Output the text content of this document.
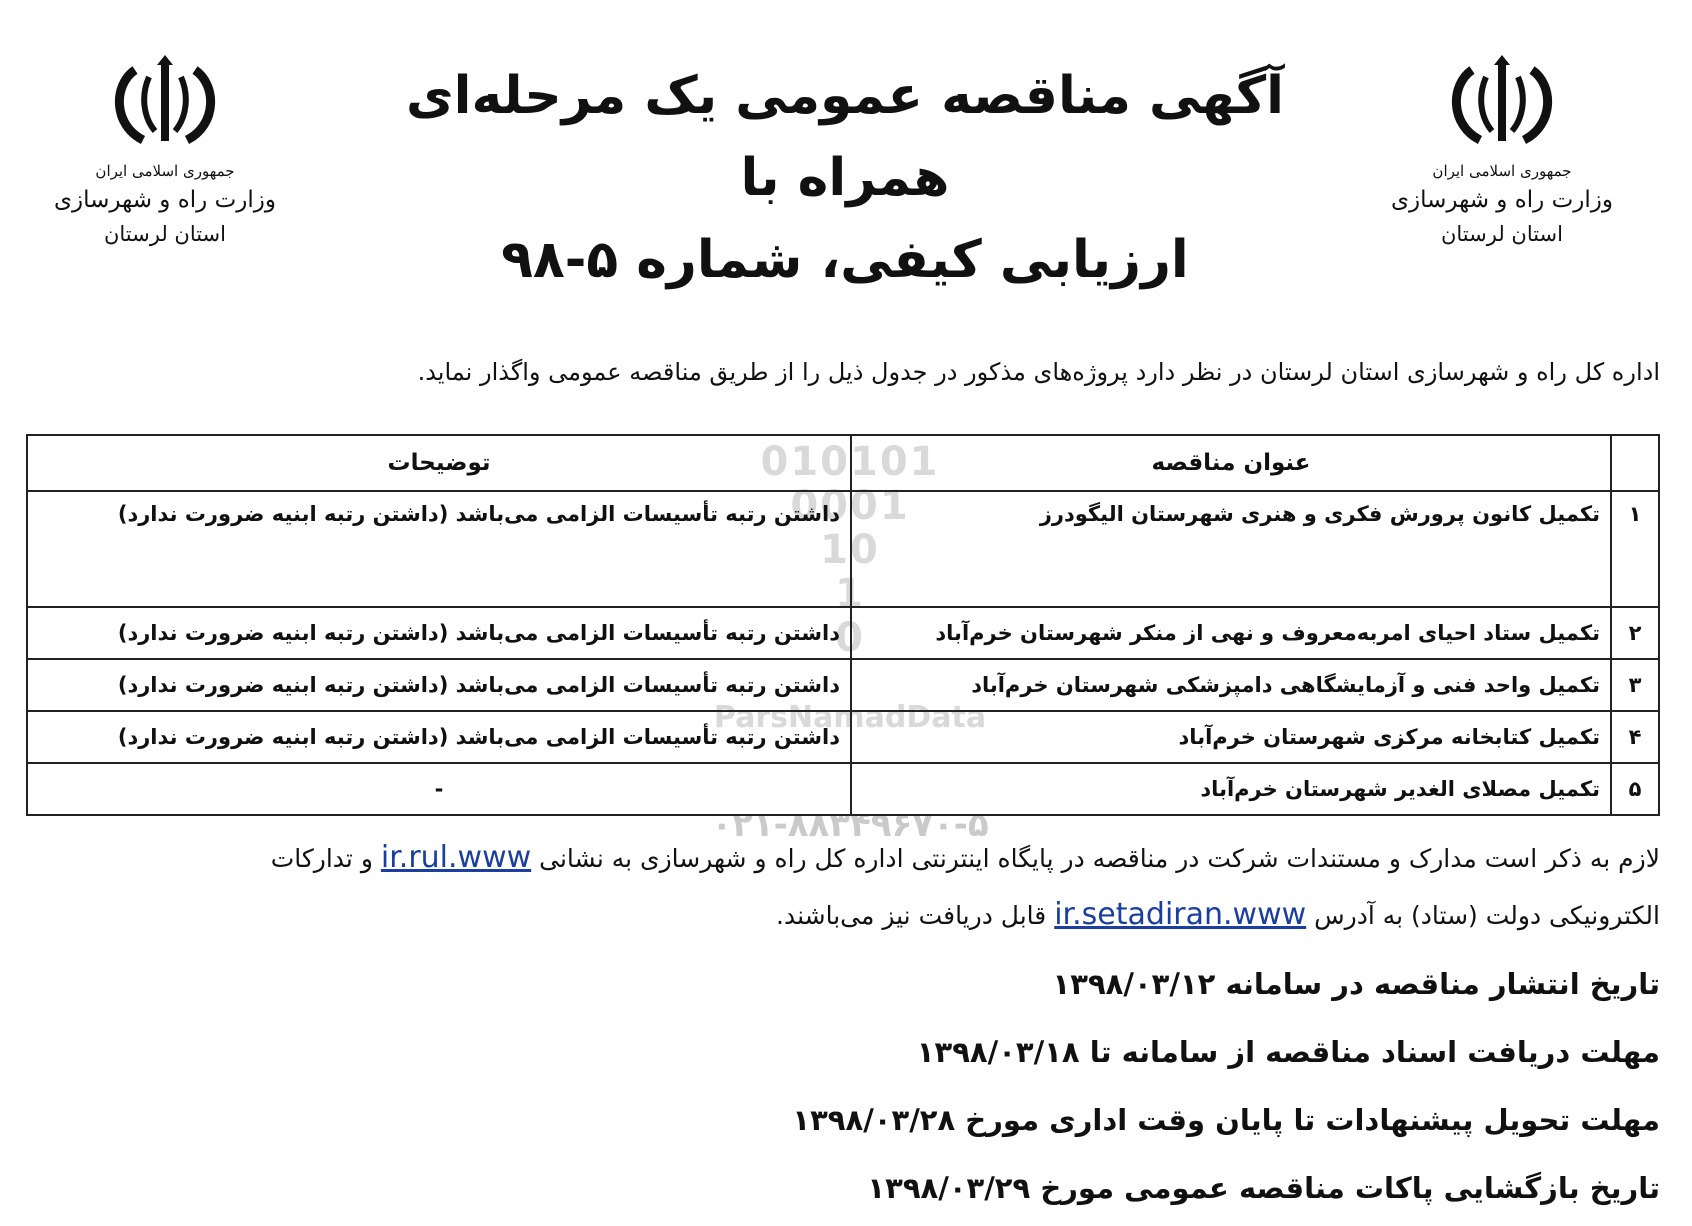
جمهوری اسلامی ایران
وزارت راه و شهرسازی
استان لرستان
جمهوری اسلامی ایران
وزارت راه و شهرسازی
استان لرستان
آگهی مناقصه عمومی یک مرحله‌ای همراه با
ارزیابی کیفی، شماره ۵-۹۸
اداره کل راه و شهرسازی استان لرستان در نظر دارد پروژه‌های مذکور در جدول ذیل را از طریق مناقصه عمومی واگذار نماید.
010101
0001
10
1
0
ParsNamadData
۰۲۱-۸۸۳۴۹۶۷۰-۵
	عنوان مناقصه	توضیحات
۱	تکمیل کانون پرورش فکری و هنری شهرستان الیگودرز	داشتن رتبه تأسیسات الزامی می‌باشد (داشتن رتبه ابنیه ضرورت ندارد)
۲	تکمیل ستاد احیای امربه‌معروف و نهی از منکر شهرستان خرم‌آباد	داشتن رتبه تأسیسات الزامی می‌باشد (داشتن رتبه ابنیه ضرورت ندارد)
۳	تکمیل واحد فنی و آزمایشگاهی دامپزشکی شهرستان خرم‌آباد	داشتن رتبه تأسیسات الزامی می‌باشد (داشتن رتبه ابنیه ضرورت ندارد)
۴	تکمیل کتابخانه مرکزی شهرستان خرم‌آباد	داشتن رتبه تأسیسات الزامی می‌باشد (داشتن رتبه ابنیه ضرورت ندارد)
۵	تکمیل مصلای الغدیر شهرستان خرم‌آباد	-
لازم به ذکر است مدارک و مستندات شرکت در مناقصه در پایگاه اینترنتی اداره کل راه و شهرسازی به نشانی ir.rul.www و تدارکات
الکترونیکی دولت (ستاد) به آدرس ir.setadiran.www قابل دریافت نیز می‌باشند.
تاریخ انتشار مناقصه در سامانه ۱۳۹۸/۰۳/۱۲
مهلت دریافت اسناد مناقصه از سامانه تا ۱۳۹۸/۰۳/۱۸
مهلت تحویل پیشنهادات تا پایان وقت اداری مورخ ۱۳۹۸/۰۳/۲۸
تاریخ بازگشایی پاکات مناقصه عمومی مورخ ۱۳۹۸/۰۳/۲۹
